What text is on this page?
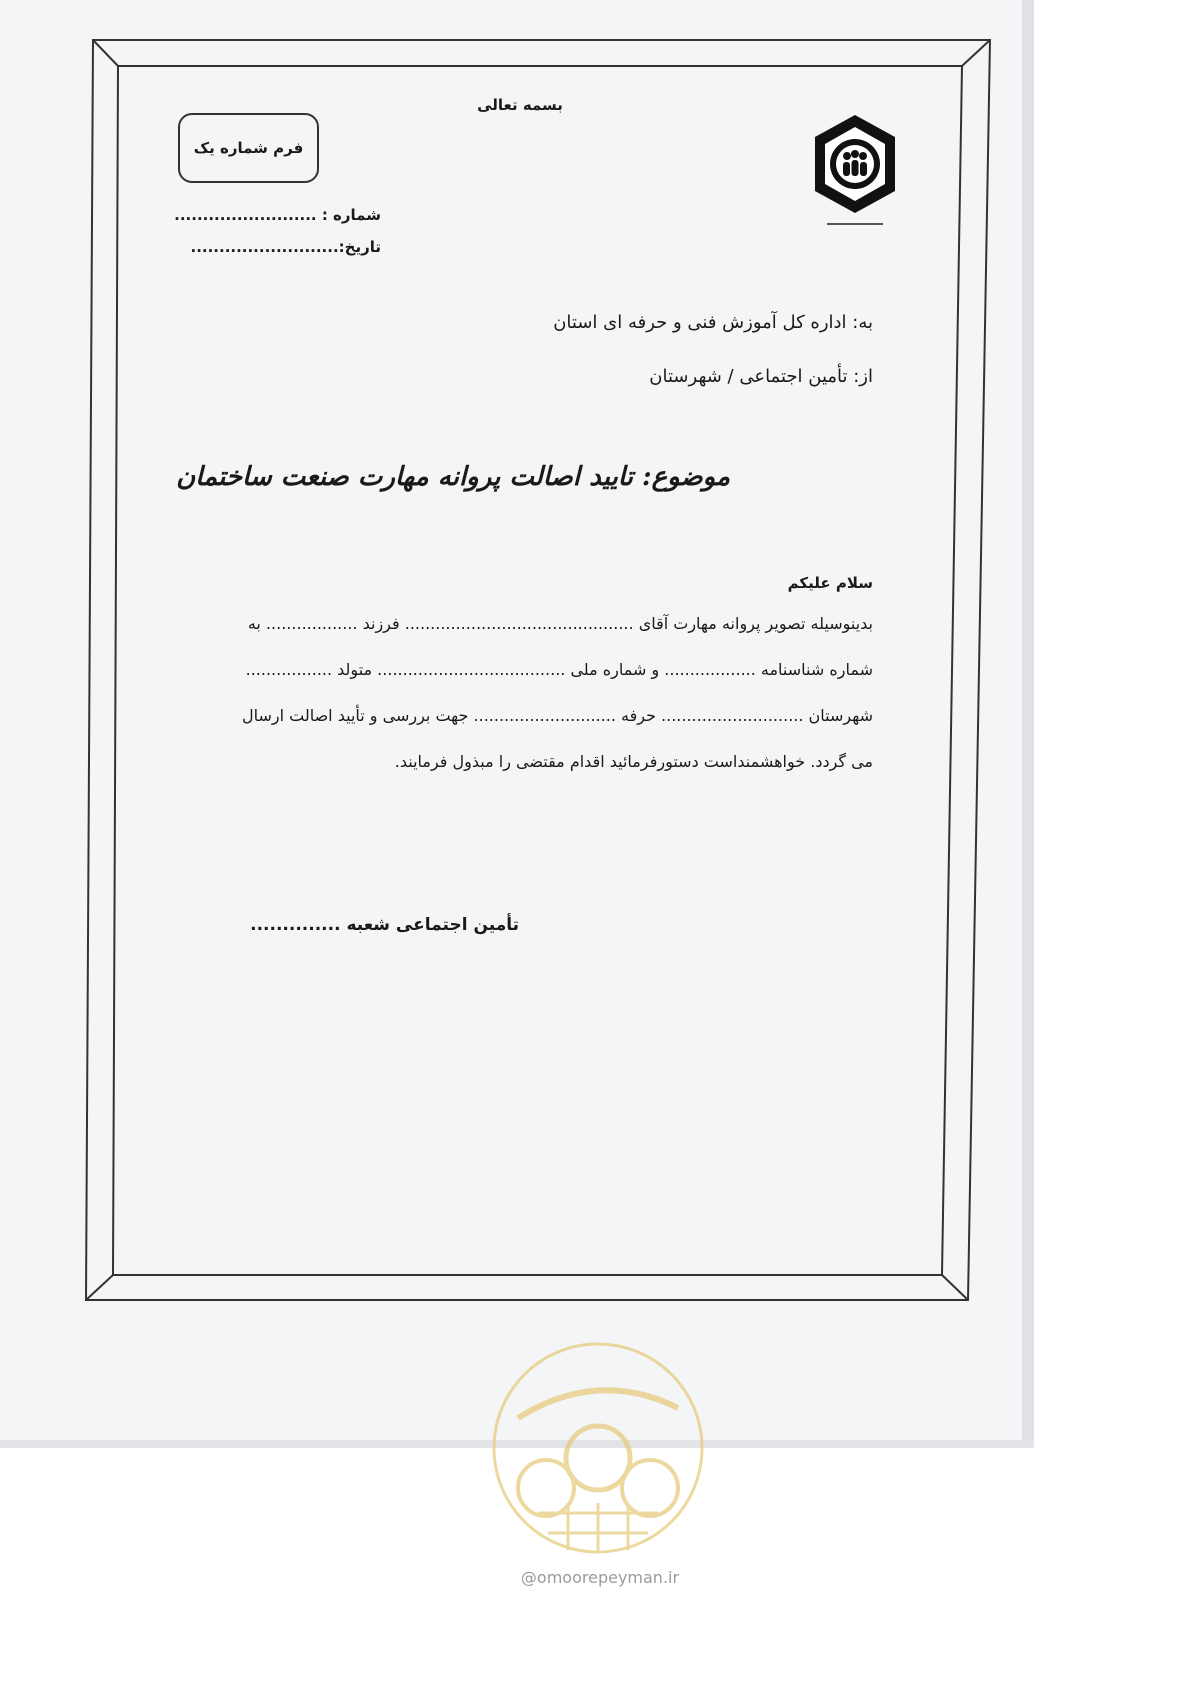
بسمه تعالی
فرم شماره یک
شماره : .........................
تاریخ:..........................
به: اداره کل آموزش فنی و حرفه ای استان
از: تأمین اجتماعی / شهرستان
موضوع: تایید اصالت پروانه مهارت صنعت ساختمان
سلام علیکم
بدینوسیله تصویر پروانه مهارت آقای ............................................. فرزند .................. به
شماره شناسنامه .................. و شماره ملی ..................................... متولد .................
شهرستان ............................ حرفه ............................ جهت بررسی و تأیید اصالت ارسال
می گردد. خواهشمنداست دستورفرمائید اقدام مقتضی را مبذول فرمایند.
تأمین اجتماعی شعبه ..............
@omoorepeyman.ir
